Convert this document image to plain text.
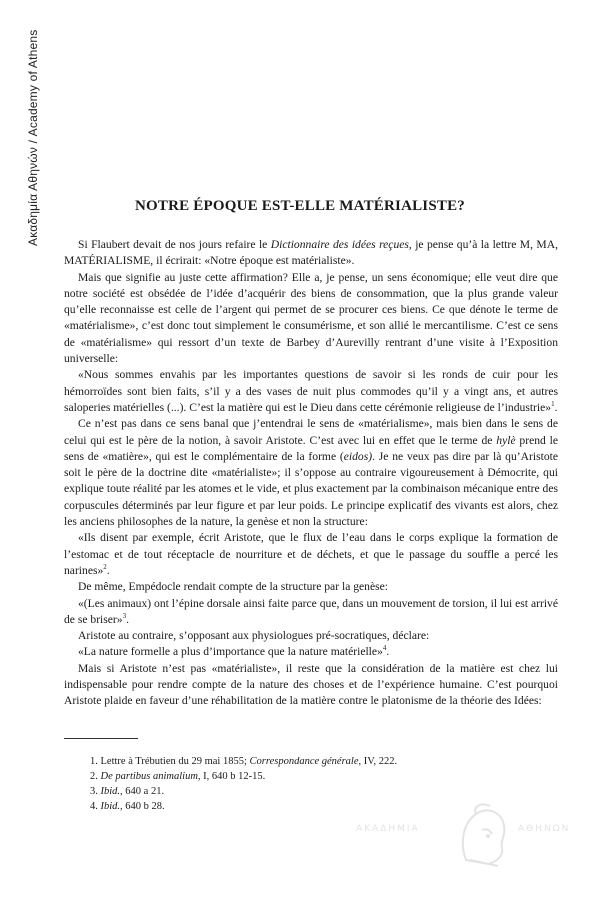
Ακαδημία Αθηνών / Academy of Athens	NOTRE ÉPOQUE EST-ELLE MATÉRIALISTE?

Si Flaubert devait de nos jours refaire le Dictionnaire des idées reçues, je pense qu’à la lettre M, MA, MATÉRIALISME, il écrirait: «Notre époque est matérialiste».

Mais que signifie au juste cette affirmation? Elle a, je pense, un sens économique; elle veut dire que notre société est obsédée de l’idée d’acquérir des biens de consommation, que la plus grande valeur qu’elle reconnaisse est celle de l’argent qui permet de se procurer ces biens. Ce que dénote le terme de «matérialisme», c’est donc tout simplement le consumérisme, et son allié le mercantilisme. C’est ce sens de «matérialisme» qui ressort d’un texte de Barbey d’Aurevilly rentrant d’une visite à l’Exposition universelle:

«Nous sommes envahis par les importantes questions de savoir si les ronds de cuir pour les hémorroïdes sont bien faits, s’il y a des vases de nuit plus commodes qu’il y a vingt ans, et autres saloperies matérielles (...). C’est la matière qui est le Dieu dans cette cérémonie religieuse de l’industrie»$^1$.

Ce n’est pas dans ce sens banal que j’entendrai le sens de «matérialisme», mais bien dans le sens de celui qui est le père de la notion, à savoir Aristote. C’est avec lui en effet que le terme de hylè prend le sens de «matière», qui est le complémentaire de la forme (eidos). Je ne veux pas dire par là qu’Aristote soit le père de la doctrine dite «matérialiste»; il s’oppose au contraire vigoureusement à Démocrite, qui explique toute réalité par les atomes et le vide, et plus exactement par la combinaison mécanique entre des corpuscules déterminés par leur figure et par leur poids. Le principe explicatif des vivants est alors, chez les anciens philosophes de la nature, la genèse et non la structure:

«Ils disent par exemple, écrit Aristote, que le flux de l’eau dans le corps explique la formation de l’estomac et de tout réceptacle de nourriture et de déchets, et que le passage du souffle a percé les narines»$^2$.

De même, Empédocle rendait compte de la structure par la genèse:

«(Les animaux) ont l’épine dorsale ainsi faite parce que, dans un mouvement de torsion, il lui est arrivé de se briser»$^3$.

Aristote au contraire, s’opposant aux physiologues pré-socratiques, déclare:

«La nature formelle a plus d’importance que la nature matérielle»$^4$.

Mais si Aristote n’est pas «matérialiste», il reste que la considération de la matière est chez lui indispensable pour rendre compte de la nature des choses et de l’expérience humaine. C’est pourquoi Aristote plaide en faveur d’une réhabilitation de la matière contre le platonisme de la théorie des Idées:

1. Lettre à Trébutien du 29 mai 1855; Correspondance générale, IV, 222.
2. De partibus animalium, I, 640 b 12-15.
3. Ibid., 640 a 21.
4. Ibid., 640 b 28.
ΑΚΑΔΗΜΙΑ	ΑΘΗΝΩΝ
